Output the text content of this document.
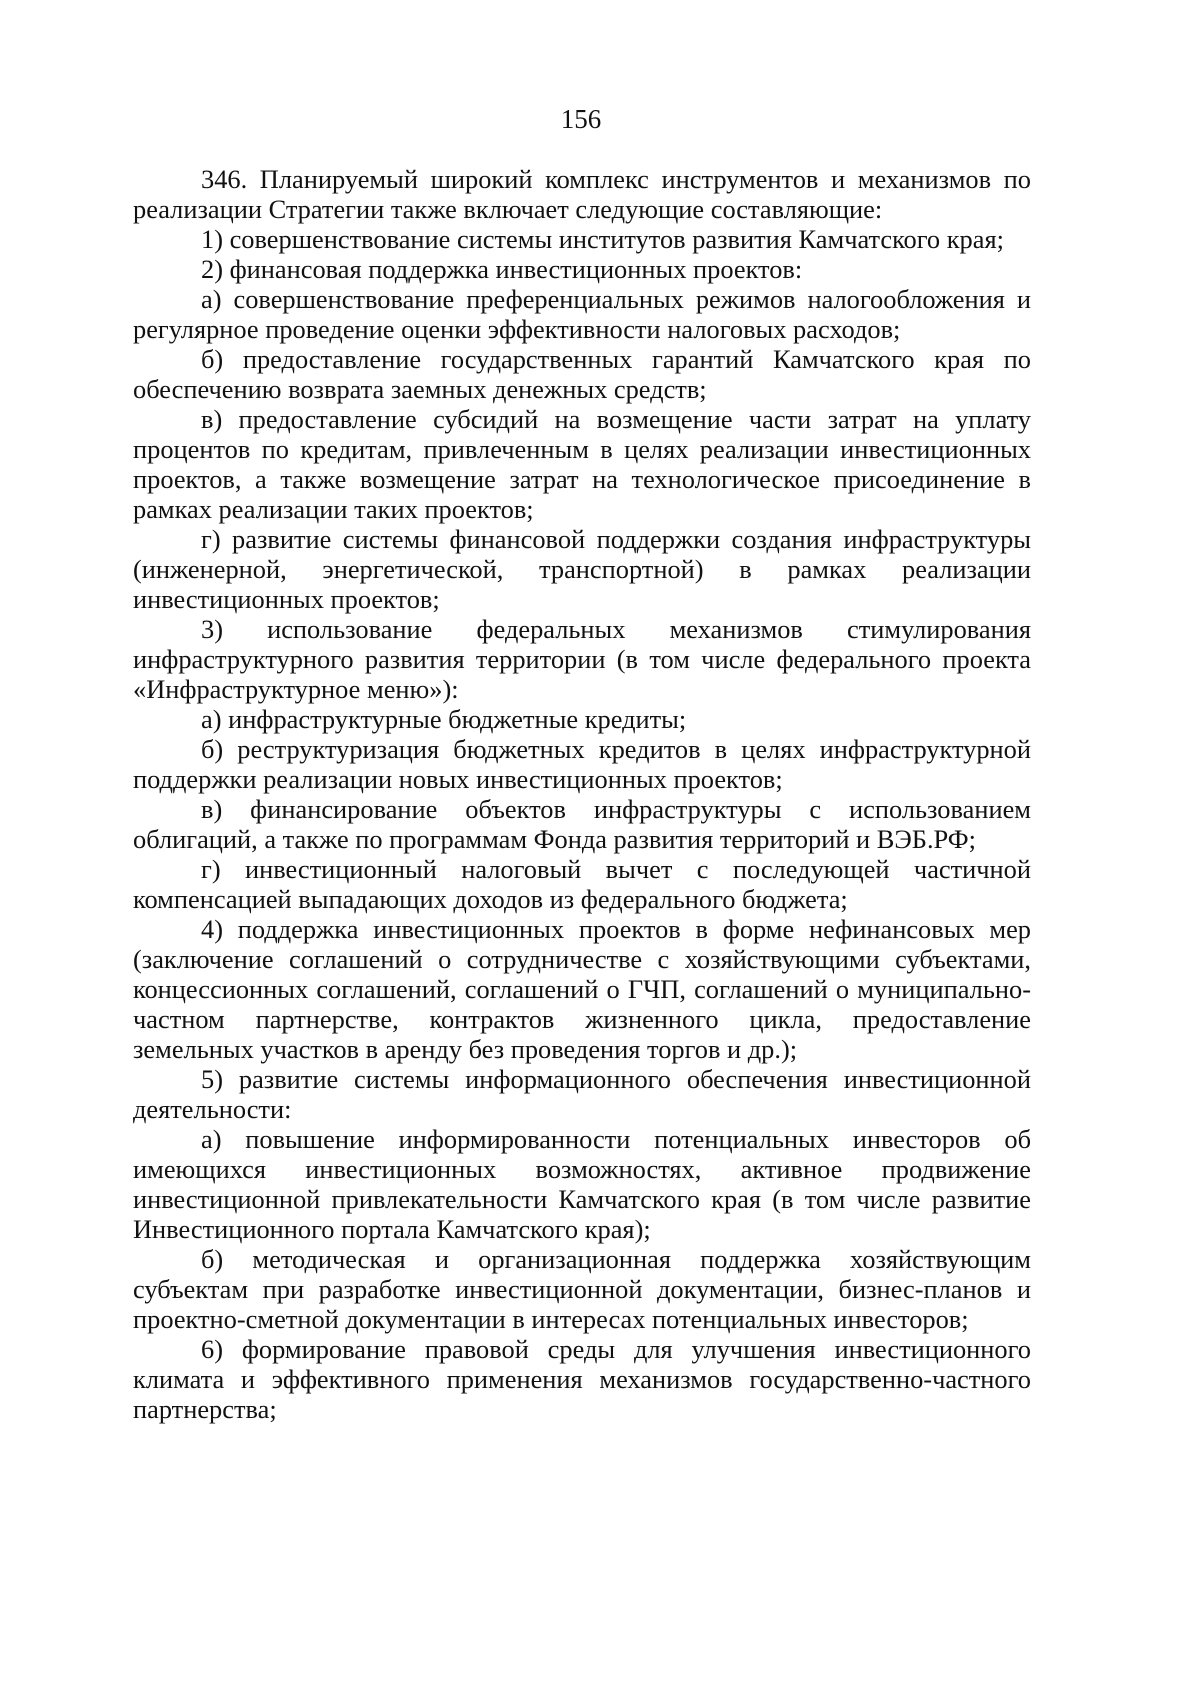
156

346. Планируемый широкий комплекс инструментов и механизмов по реализации Стратегии также включает следующие составляющие:

1) совершенствование системы институтов развития Камчатского края;

2) финансовая поддержка инвестиционных проектов:

а) совершенствование преференциальных режимов налогообложения и регулярное проведение оценки эффективности налоговых расходов;

б) предоставление государственных гарантий Камчатского края по обеспечению возврата заемных денежных средств;

в) предоставление субсидий на возмещение части затрат на уплату процентов по кредитам, привлеченным в целях реализации инвестиционных проектов, а также возмещение затрат на технологическое присоединение в рамках реализации таких проектов;

г) развитие системы финансовой поддержки создания инфраструктуры (инженерной, энергетической, транспортной) в рамках реализации инвестиционных проектов;

3) использование федеральных механизмов стимулирования инфраструктурного развития территории (в том числе федерального проекта «Инфраструктурное меню»):

а) инфраструктурные бюджетные кредиты;

б) реструктуризация бюджетных кредитов в целях инфраструктурной поддержки реализации новых инвестиционных проектов;

в) финансирование объектов инфраструктуры с использованием облигаций, а также по программам Фонда развития территорий и ВЭБ.РФ;

г) инвестиционный налоговый вычет с последующей частичной компенсацией выпадающих доходов из федерального бюджета;

4) поддержка инвестиционных проектов в форме нефинансовых мер (заключение соглашений о сотрудничестве с хозяйствующими субъектами, концессионных соглашений, соглашений о ГЧП, соглашений о муниципально-частном партнерстве, контрактов жизненного цикла, предоставление земельных участков в аренду без проведения торгов и др.);

5) развитие системы информационного обеспечения инвестиционной деятельности:

а) повышение информированности потенциальных инвесторов об имеющихся инвестиционных возможностях, активное продвижение инвестиционной привлекательности Камчатского края (в том числе развитие Инвестиционного портала Камчатского края);

б) методическая и организационная поддержка хозяйствующим субъектам при разработке инвестиционной документации, бизнес-планов и проектно-сметной документации в интересах потенциальных инвесторов;

6) формирование правовой среды для улучшения инвестиционного климата и эффективного применения механизмов государственно-частного партнерства;
